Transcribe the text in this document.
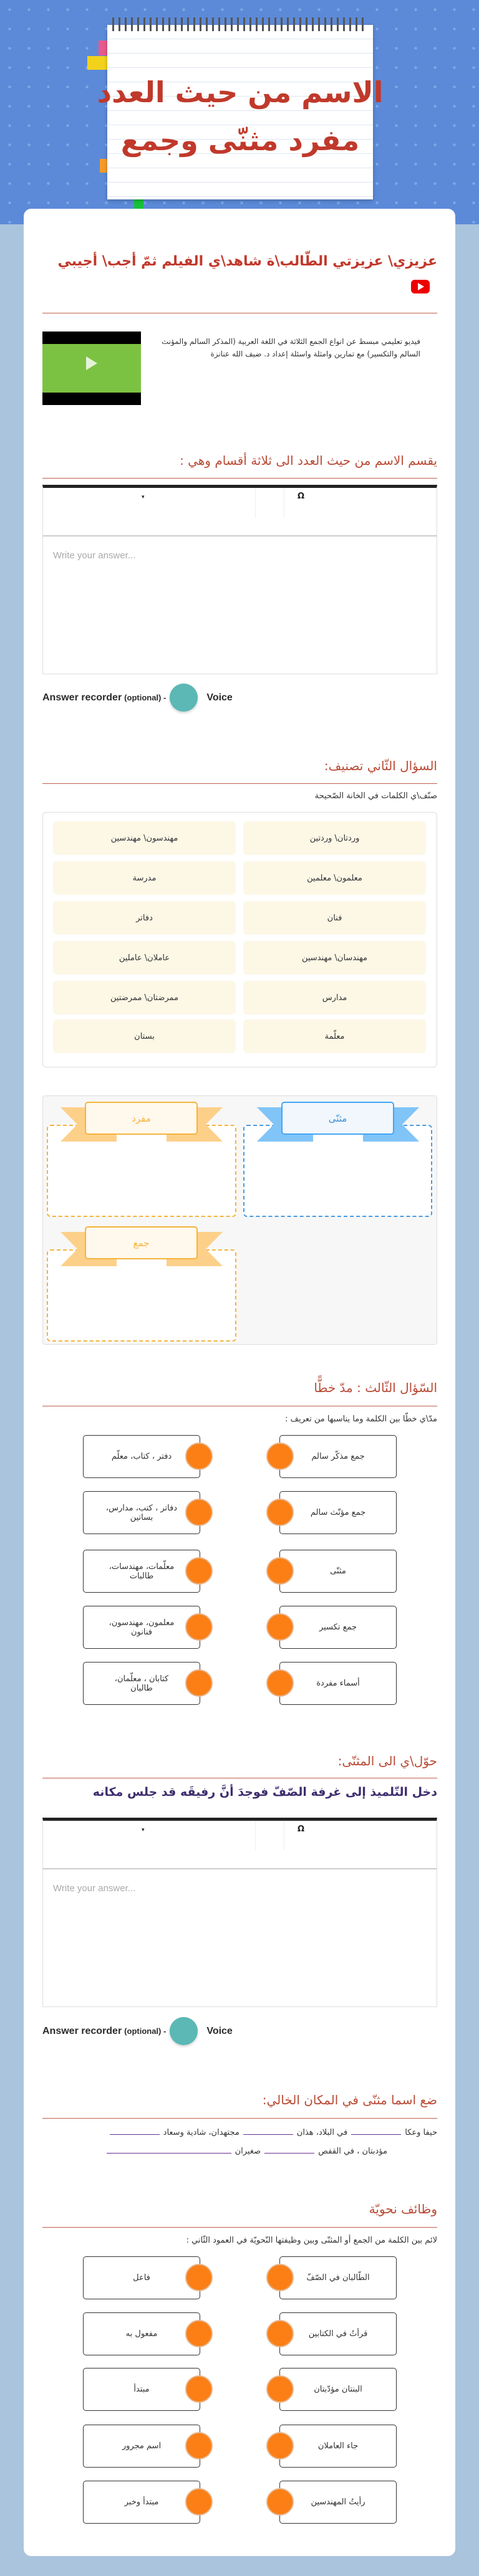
الاسم من حيث العدد
مفرد مثنّى وجمع
عزيزي\ عزيزتي الطّالب\ة شاهد\ي الفيلم ثمّ أجب\ أجيبي
فيديو تعليمي مبسط عن انواع الجمع الثلاثة في اللغة العربية (المذكر السالم والمؤنث السالم والتكسير) مع تمارين وامثلة واسئلة إعداد د. ضيف الله عنانزة
يقسم الاسم من حيث العدد الى ثلاثة أقسام وهي :
▾	Ω
Write your answer...
Answer recorder (optional) -	Voice
السؤال الثّاني تصنيف:
صنّف\ي الكلمات في الخانة الصّحيحة
وردتان\ وردتين
مهندسون\ مهندسين
معلمون\ معلمين
مدرسة
فنان
دفاتر
مهندسان\ مهندسين
عاملان\ عاملين
مدارس
ممرضتان\ ممرضتين
معلّمة
بستان
مفرد	مثنّى
جمع
السّؤال الثّالث : مدّ خطًّا
مدّ\ي خطّا بين الكلمة وما يناسبها من تعريف :
دفتر ، كتاب، معلّم	جمع مذكّر سالم
دفاتر ، كتب، مدارس، بساتين	جمع مؤنّث سالم
معلّمات، مهندسات، طالبات	مثنّى
معلمون، مهندسون، فنانون	جمع تكسير
كتابان ، معلّمان، طالبان	أسماء مفردة
حوّل\ي الى المثنّى:
دخل التّلميذ إلى غرفة الصّفّ فوجدَ أنَّ رفيقَه قد جلس مكانه
▾	Ω
Write your answer...
Answer recorder (optional) -	Voice
ضع اسما مثنّى في المكان الخالي:
حيفا وعكافي البلاد، هذانمجتهدان، شادية وسعاد
مؤدبتان ، في القفصصغيران
وظائف نحويّة
لائم بين الكلمة من الجمع أو المثنّى وبين وظيفتها النّحويّة في العمود الثّاني :
فاعل	الطّالبان في الصّفّ
مفعول به	قرأتُ في الكتابين
مبتدأ	البنتان مؤدّبتان
اسم مجرور	جاء العاملان
مبتدأ وخبر	رأيتُ المهندسين
